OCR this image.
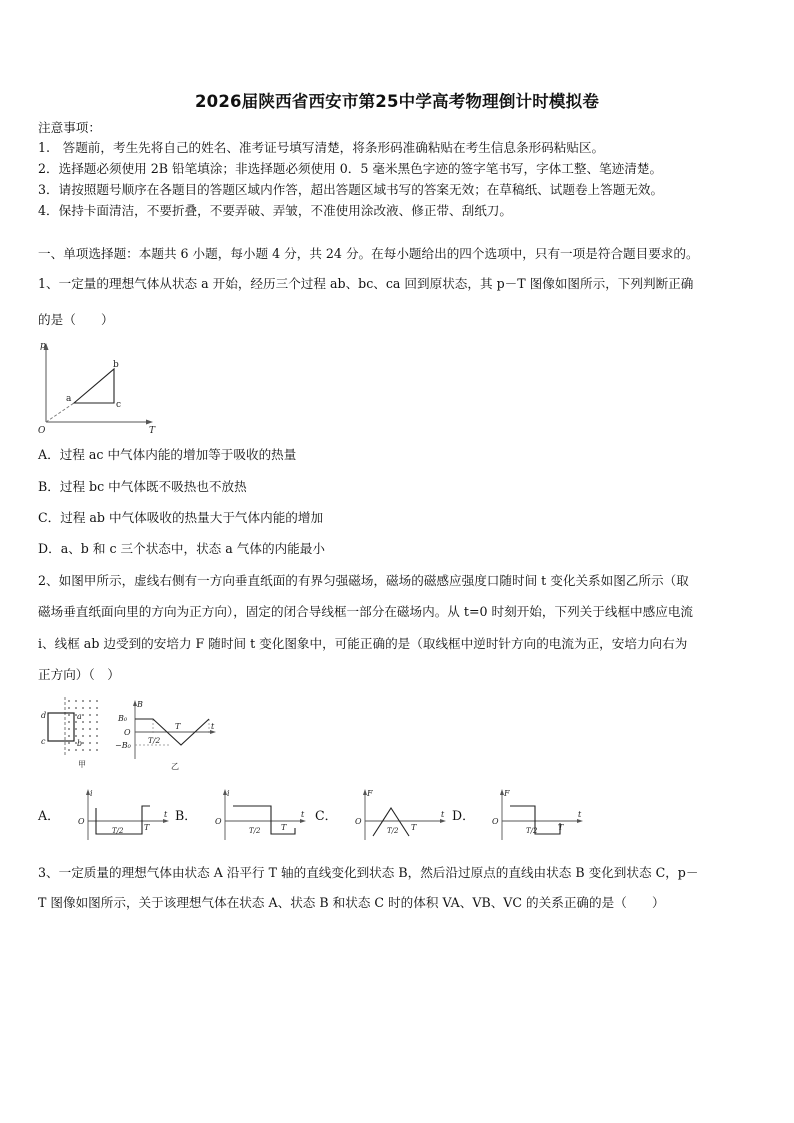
2026届陕西省西安市第25中学高考物理倒计时模拟卷
注意事项：
1.　答题前，考生先将自己的姓名、准考证号填写清楚，将条形码准确粘贴在考生信息条形码粘贴区。
2．选择题必须使用 2B 铅笔填涂；非选择题必须使用 0．5 毫米黑色字迹的签字笔书写，字体工整、笔迹清楚。
3．请按照题号顺序在各题目的答题区域内作答，超出答题区域书写的答案无效；在草稿纸、试题卷上答题无效。
4．保持卡面清洁，不要折叠，不要弄破、弄皱，不准使用涂改液、修正带、刮纸刀。
一、单项选择题：本题共 6 小题，每小题 4 分，共 24 分。在每小题给出的四个选项中，只有一项是符合题目要求的。
1、一定量的理想气体从状态 a 开始，经历三个过程 ab、bc、ca 回到原状态，其 p－T 图像如图所示，下列判断正确
的是（　　）
p
T
O
a
b
c
A．过程 ac 中气体内能的增加等于吸收的热量
B．过程 bc 中气体既不吸热也不放热
C．过程 ab 中气体吸收的热量大于气体内能的增加
D．a、b 和 c 三个状态中，状态 a 气体的内能最小
2、如图甲所示，虚线右侧有一方向垂直纸面的有界匀强磁场，磁场的磁感应强度口随时间 t 变化关系如图乙所示（取
磁场垂直纸面向里的方向为正方向），固定的闭合导线框一部分在磁场内。从 t=0 时刻开始，下列关于线框中感应电流
i、线框 ab 边受到的安培力 F 随时间 t 变化图象中，可能正确的是（取线框中逆时针方向的电流为正，安培力向右为
正方向）（　）
d	a
c	b
甲
B
B₀
O
−B₀
T/2
T	t
乙
A．
i
O
T/2	T
t B．
i
O
T/2	T
t C．
F
O
T/2 T
t D．
F
O
T/2	T
t
3、一定质量的理想气体由状态 A 沿平行 T 轴的直线变化到状态 B，然后沿过原点的直线由状态 B 变化到状态 C，p－
T 图像如图所示，关于该理想气体在状态 A、状态 B 和状态 C 时的体积 VA、VB、VC 的关系正确的是（　　）
